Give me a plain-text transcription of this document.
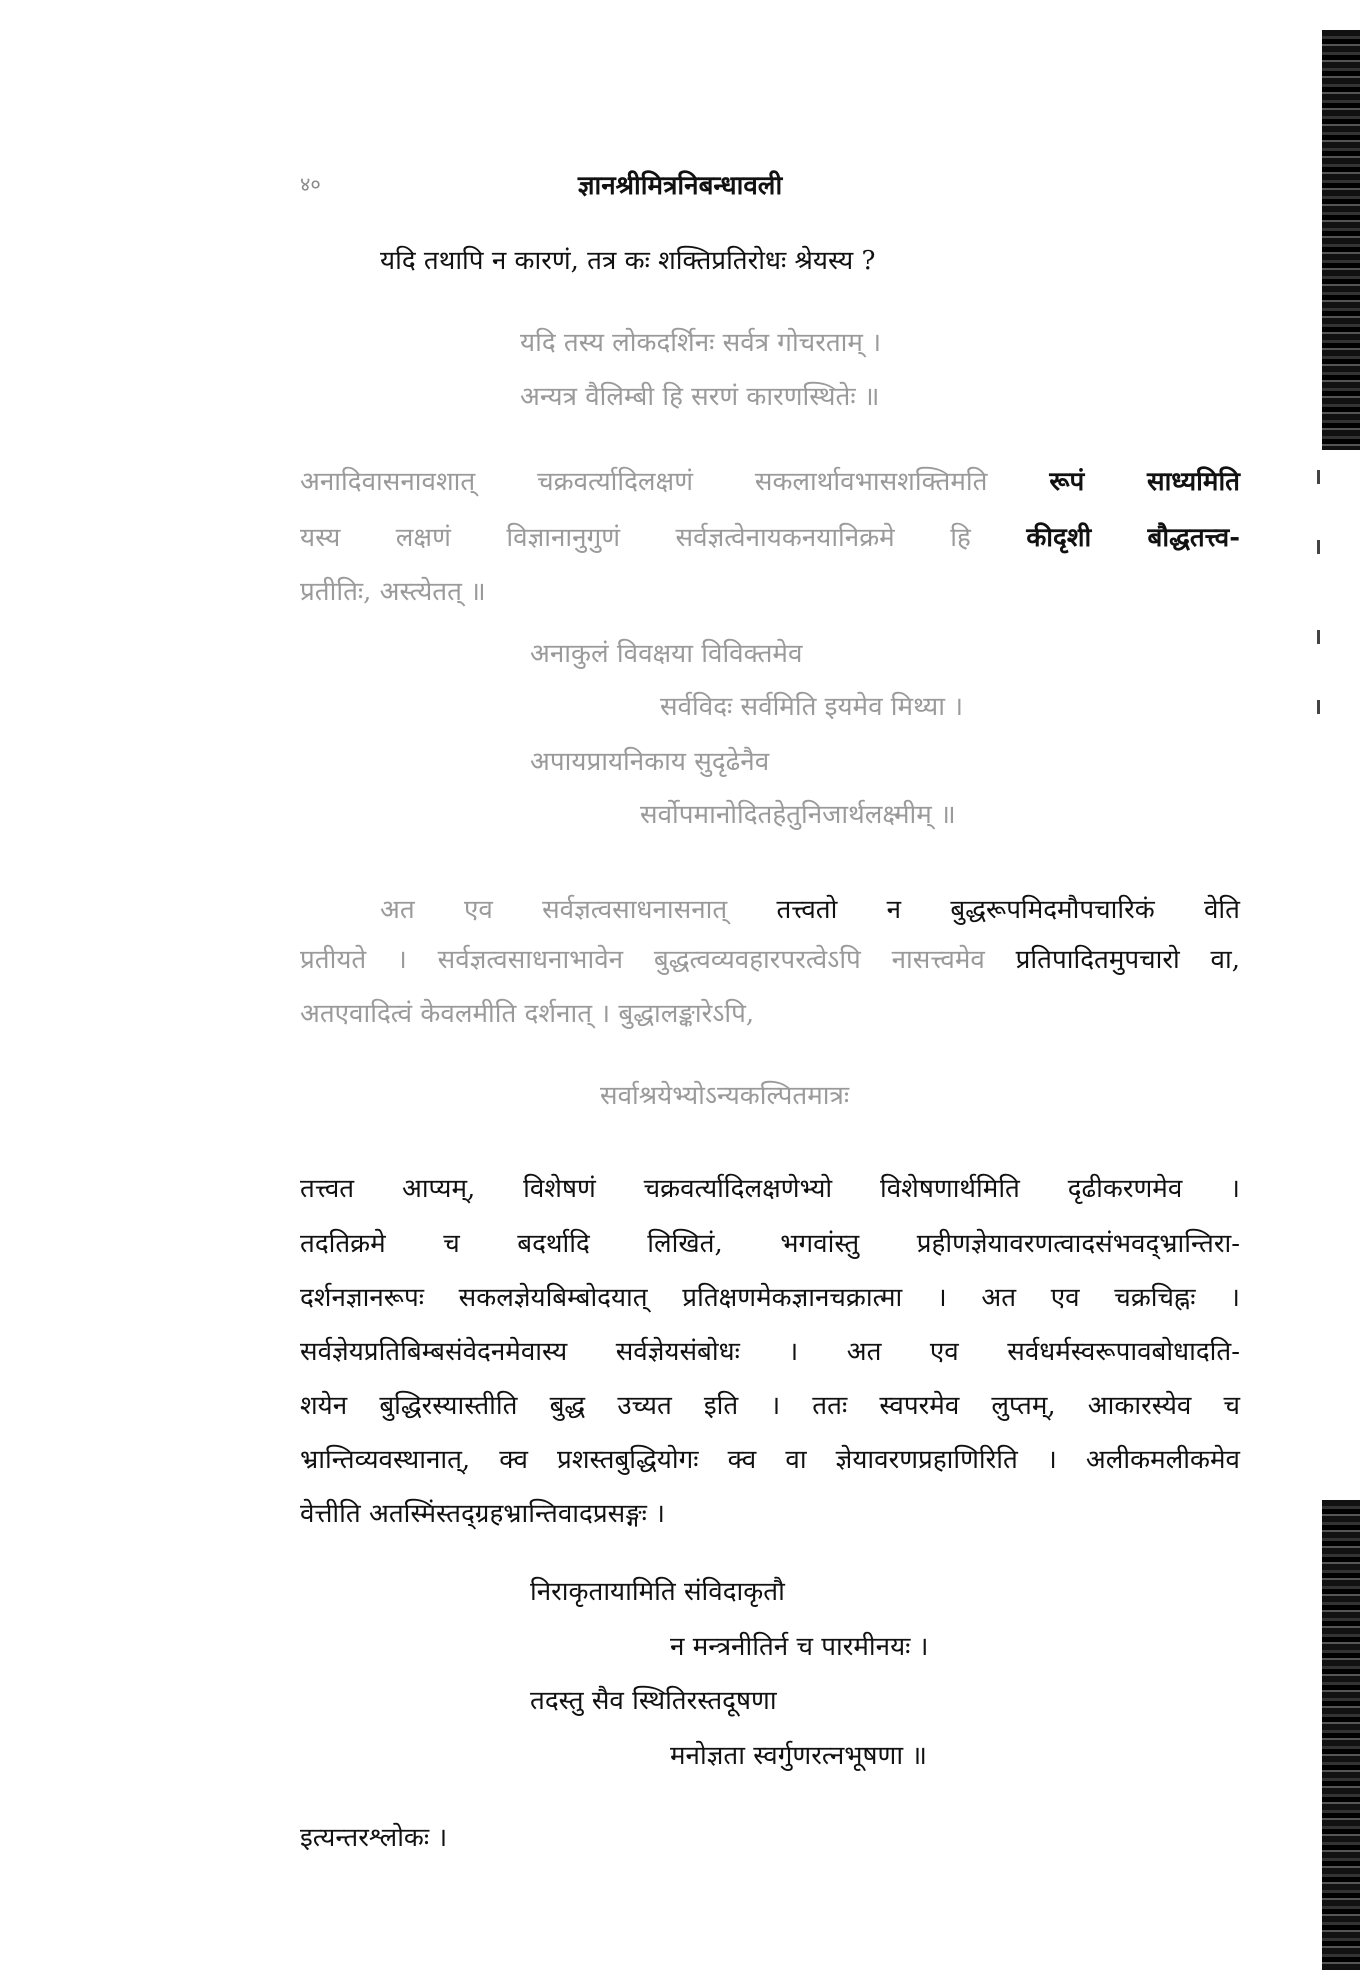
४०	ज्ञानश्रीमित्रनिबन्धावली
यदि तथापि न कारणं, तत्र कः शक्तिप्रतिरोधः श्रेयस्य ?
यदि तस्य लोकदर्शिनः सर्वत्र गोचरताम् ।
अन्यत्र वैलिम्बी हि सरणं कारणस्थितेः ॥
अनादिवासनावशात् चक्रवर्त्यादिलक्षणं सकलार्थावभासशक्तिमति रूपं साध्यमिति
यस्य लक्षणं विज्ञानानुगुणं सर्वज्ञत्वेनायकनयानिक्रमे हि कीदृशी बौद्धतत्त्व-
प्रतीतिः, अस्त्येतत् ॥
अनाकुलं विवक्षया विविक्तमेव
सर्वविदः सर्वमिति इयमेव मिथ्या ।
अपायप्रायनिकाय सुदृढेनैव
सर्वोपमानोदितहेतुनिजार्थलक्ष्मीम् ॥
अत एव सर्वज्ञत्वसाधनासनात् तत्त्वतो न बुद्धरूपमिदमौपचारिकं वेति
प्रतीयते । सर्वज्ञत्वसाधनाभावेन बुद्धत्वव्यवहारपरत्वेऽपि नासत्त्वमेव प्रतिपादितमुपचारो वा,
अतएवादित्वं केवलमीति दर्शनात् । बुद्धालङ्कारेऽपि,
सर्वाश्रयेभ्योऽन्यकल्पितमात्रः
तत्त्वत आप्यम्, विशेषणं चक्रवर्त्यादिलक्षणेभ्यो विशेषणार्थमिति दृढीकरणमेव ।
तदतिक्रमे च बदर्थादि लिखितं, भगवांस्तु प्रहीणज्ञेयावरणत्वादसंभवद्भ्रान्तिरा-
दर्शनज्ञानरूपः सकलज्ञेयबिम्बोदयात् प्रतिक्षणमेकज्ञानचक्रात्मा । अत एव चक्रचिह्नः ।
सर्वज्ञेयप्रतिबिम्बसंवेदनमेवास्य सर्वज्ञेयसंबोधः । अत एव सर्वधर्मस्वरूपावबोधादति-
शयेन बुद्धिरस्यास्तीति बुद्ध उच्यत इति । ततः स्वपरमेव लुप्तम्, आकारस्येव च
भ्रान्तिव्यवस्थानात्, क्व प्रशस्तबुद्धियोगः क्व वा ज्ञेयावरणप्रहाणिरिति । अलीकमलीकमेव
वेत्तीति अतस्मिंस्तद्ग्रहभ्रान्तिवादप्रसङ्गः ।
निराकृतायामिति संविदाकृतौ
न मन्त्रनीतिर्न च पारमीनयः ।
तदस्तु सैव स्थितिरस्तदूषणा
मनोज्ञता स्वर्गुणरत्नभूषणा ॥
इत्यन्तरश्लोकः ।
